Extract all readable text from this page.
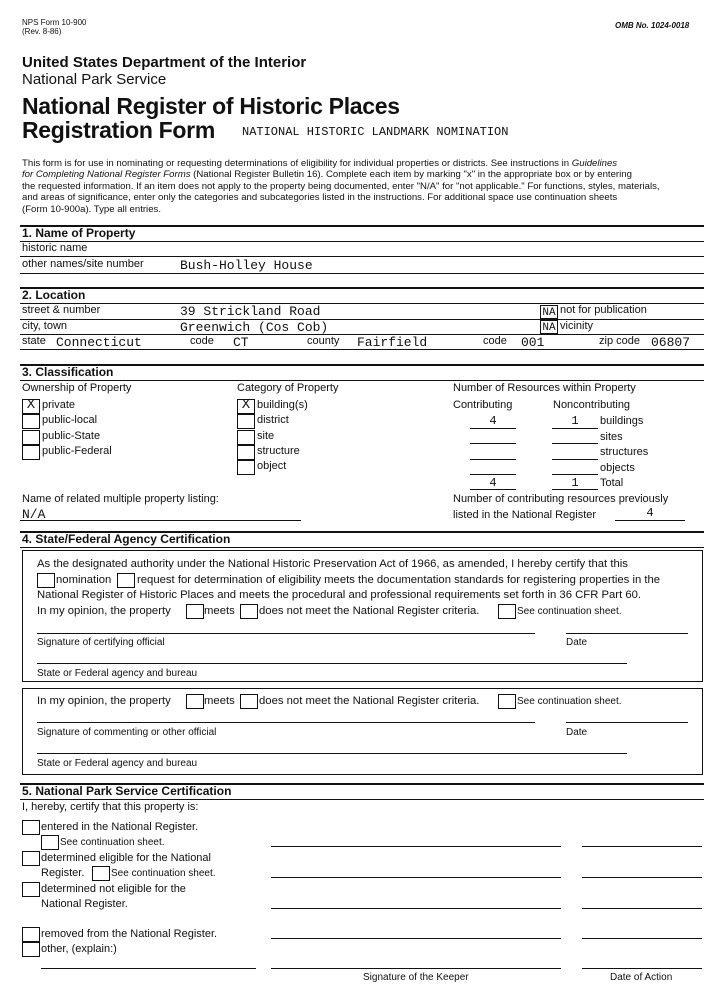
NPS Form 10-900
(Rev. 8-86)
OMB No. 1024-0018
United States Department of the Interior
National Park Service
National Register of Historic Places
Registration Form NATIONAL HISTORIC LANDMARK NOMINATION
This form is for use in nominating or requesting determinations of eligibility for individual properties or districts. See instructions in Guidelines
for Completing National Register Forms (National Register Bulletin 16). Complete each item by marking "x" in the appropriate box or by entering
the requested information. If an item does not apply to the property being documented, enter "N/A" for "not applicable." For functions, styles, materials,
and areas of significance, enter only the categories and subcategories listed in the instructions. For additional space use continuation sheets
(Form 10-900a). Type all entries.
1. Name of Property
historic name
other names/site number	Bush-Holley House
2. Location
street & number	39 Strickland Road	NA not for publication
city, town	Greenwich (Cos Cob)	NA vicinity
state Connecticut	code CT	county Fairfield	code 001	zip code 06807
3. Classification
Ownership of Property	Category of Property	Number of Resources within Property
Contributing	Noncontributing
X private
public-local
public-State
public-Federal
X building(s)
district
site
structure
object
4	1	buildings
sites
structures
objects
4	1	Total
Name of related multiple property listing:
N/A
Number of contributing resources previously
listed in the National Register	4
4. State/Federal Agency Certification
As the designated authority under the National Historic Preservation Act of 1966, as amended, I hereby certify that this
nomination request for determination of eligibility meets the documentation standards for registering properties in the
National Register of Historic Places and meets the procedural and professional requirements set forth in 36 CFR Part 60.
In my opinion, the property	meets does not meet the National Register criteria.	See continuation sheet.
Signature of certifying official	Date
State or Federal agency and bureau
In my opinion, the property	meets does not meet the National Register criteria.	See continuation sheet.
Signature of commenting or other official	Date
State or Federal agency and bureau
5. National Park Service Certification
I, hereby, certify that this property is:
entered in the National Register.
See continuation sheet.
determined eligible for the National
Register.	See continuation sheet.
determined not eligible for the
National Register.
removed from the National Register.
other, (explain:)
Signature of the Keeper	Date of Action
